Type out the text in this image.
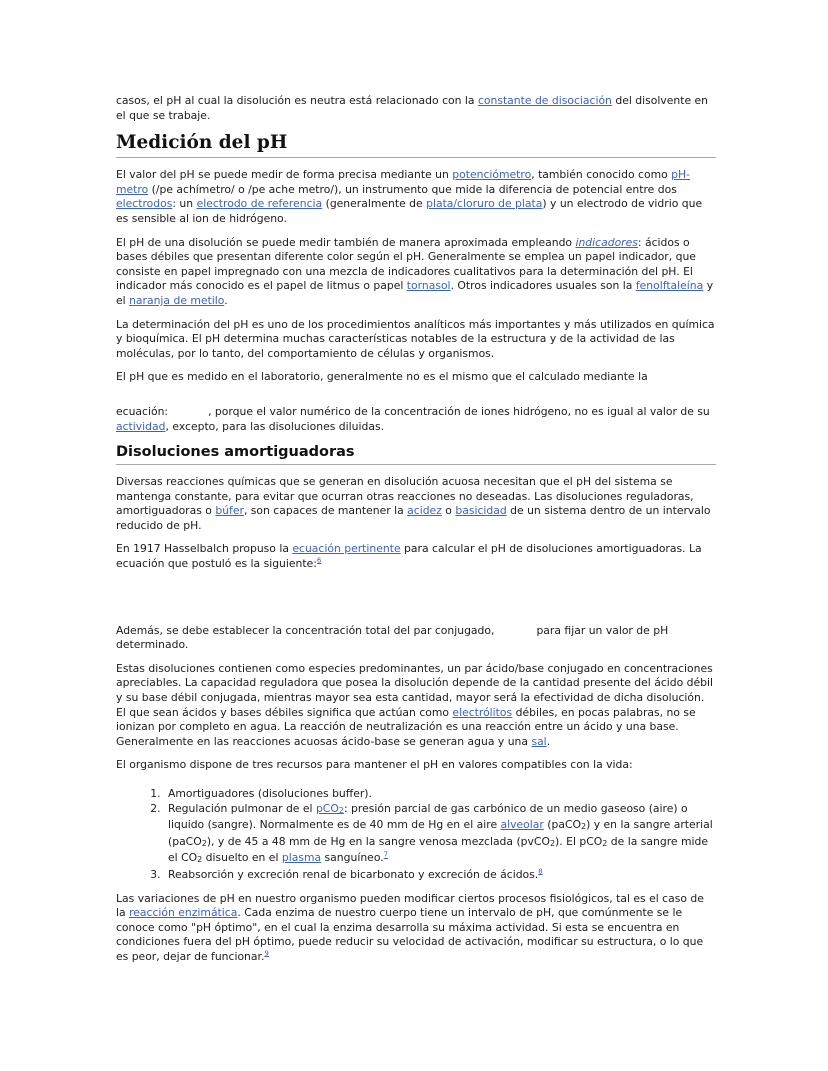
casos, el pH al cual la disolución es neutra está relacionado con la constante de disociación del disolvente en el que se trabaje.

Medición del pH

El valor del pH se puede medir de forma precisa mediante un potenciómetro, también conocido como pH-metro (/pe achímetro/ o /pe ache metro/), un instrumento que mide la diferencia de potencial entre dos electrodos: un electrodo de referencia (generalmente de plata/cloruro de plata) y un electrodo de vidrio que es sensible al ion de hidrógeno.

El pH de una disolución se puede medir también de manera aproximada empleando indicadores: ácidos o bases débiles que presentan diferente color según el pH. Generalmente se emplea un papel indicador, que consiste en papel impregnado con una mezcla de indicadores cualitativos para la determinación del pH. El indicador más conocido es el papel de litmus o papel tornasol. Otros indicadores usuales son la fenolftaleína y el naranja de metilo.

La determinación del pH es uno de los procedimientos analíticos más importantes y más utilizados en química y bioquímica. El pH determina muchas características notables de la estructura y de la actividad de las moléculas, por lo tanto, del comportamiento de células y organismos.

El pH que es medido en el laboratorio, generalmente no es el mismo que el calculado mediante la

ecuación:	, porque el valor numérico de la concentración de iones hidrógeno, no es igual al valor de su actividad, excepto, para las disoluciones diluidas.

Disoluciones amortiguadoras

Diversas reacciones químicas que se generan en disolución acuosa necesitan que el pH del sistema se mantenga constante, para evitar que ocurran otras reacciones no deseadas. Las disoluciones reguladoras, amortiguadoras o búfer, son capaces de mantener la acidez o basicidad de un sistema dentro de un intervalo reducido de pH.

En 1917 Hasselbalch propuso la ecuación pertinente para calcular el pH de disoluciones amortiguadoras. La ecuación que postuló es la siguiente:$^6$

Además, se debe establecer la concentración total del par conjugado,	para fijar un valor de pH determinado.

Estas disoluciones contienen como especies predominantes, un par ácido/base conjugado en concentraciones apreciables. La capacidad reguladora que posea la disolución depende de la cantidad presente del ácido débil y su base débil conjugada, mientras mayor sea esta cantidad, mayor será la efectividad de dicha disolución. El que sean ácidos y bases débiles significa que actúan como electrólitos débiles, en pocas palabras, no se ionizan por completo en agua. La reacción de neutralización es una reacción entre un ácido y una base. Generalmente en las reacciones acuosas ácido-base se generan agua y una sal.

El organismo dispone de tres recursos para mantener el pH en valores compatibles con la vida:

1. Amortiguadores (disoluciones buffer).
2. Regulación pulmonar de el pCO2: presión parcial de gas carbónico de un medio gaseoso (aire) o liquido (sangre). Normalmente es de 40 mm de Hg en el aire alveolar (paCO2) y en la sangre arterial (paCO2), y de 45 a 48 mm de Hg en la sangre venosa mezclada (pvCO2). El pCO2 de la sangre mide el CO2 disuelto en el plasma sanguíneo.$^7$
3. Reabsorción y excreción renal de bicarbonato y excreción de ácidos.$^8$

Las variaciones de pH en nuestro organismo pueden modificar ciertos procesos fisiológicos, tal es el caso de la reacción enzimática. Cada enzima de nuestro cuerpo tiene un intervalo de pH, que comúnmente se le conoce como "pH óptimo", en el cual la enzima desarrolla su máxima actividad. Si esta se encuentra en condiciones fuera del pH óptimo, puede reducir su velocidad de activación, modificar su estructura, o lo que es peor, dejar de funcionar.$^9$
